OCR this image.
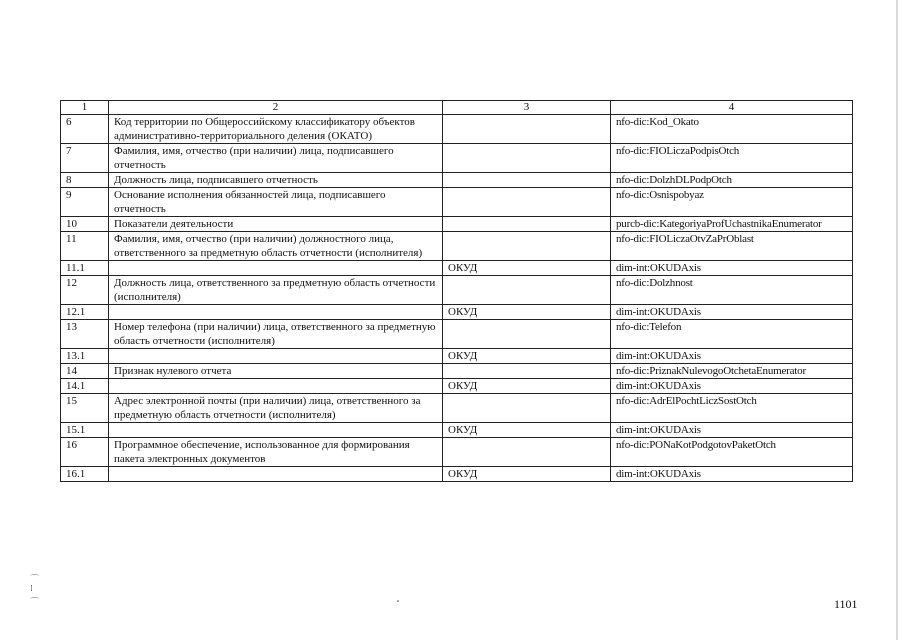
1	2	3	4
6	Код территории по Общероссийскому классификатору объектов административно-территориального деления (ОКАТО)		nfo-dic:Kod_Okato
7	Фамилия, имя, отчество (при наличии) лица, подписавшего отчетность		nfo-dic:FIOLiczaPodpisOtch
8	Должность лица, подписавшего отчетность		nfo-dic:DolzhDLPodpOtch
9	Основание исполнения обязанностей лица, подписавшего отчетность		nfo-dic:Osnispobyaz
10	Показатели деятельности		purcb-dic:KategoriyaProfUchastnikaEnumerator
11	Фамилия, имя, отчество (при наличии) должностного лица, ответственного за предметную область отчетности (исполнителя)		nfo-dic:FIOLiczaOtvZaPrOblast
11.1		ОКУД	dim-int:OKUDAxis
12	Должность лица, ответственного за предметную область отчетности (исполнителя)		nfo-dic:Dolzhnost
12.1		ОКУД	dim-int:OKUDAxis
13	Номер телефона (при наличии) лица, ответственного за предметную область отчетности (исполнителя)		nfo-dic:Telefon
13.1		ОКУД	dim-int:OKUDAxis
14	Признак нулевого отчета		nfo-dic:PriznakNulevogoOtchetaEnumerator
14.1		ОКУД	dim-int:OKUDAxis
15	Адрес электронной почты (при наличии) лица, ответственного за предметную область отчетности (исполнителя)		nfo-dic:AdrElPochtLiczSostOtch
15.1		ОКУД	dim-int:OKUDAxis
16	Программное обеспечение, использованное для формирования пакета электронных документов		nfo-dic:PONaKotPodgotovPaketOtch
16.1		ОКУД	dim-int:OKUDAxis
⌒
⁞
⌒	1101
